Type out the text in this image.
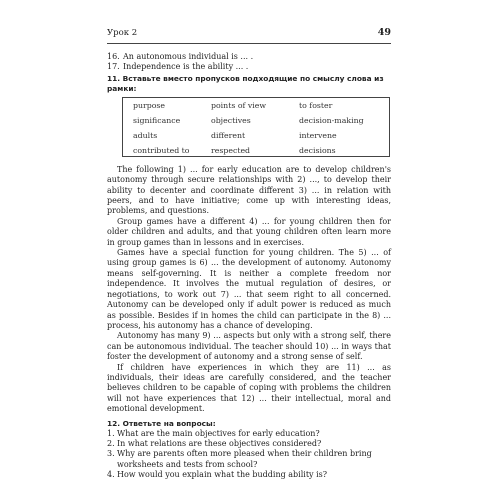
Урок 2	49
16. An autonomous individual is ... .
17. Independence is the ability ... .
11. Вставьте вместо пропусков подходящие по смыслу слова из рамки:
purpose	points of view	to foster
significance	objectives	decision-making
adults	different	intervene
contributed to	respected	decisions

The following 1) ... for early education are to develop children's autonomy through secure relationships with 2) ..., to develop their ability to decenter and coordinate different 3) ... in relation with peers, and to have initiative; come up with interesting ideas, problems, and questions.

Group games have a different 4) ... for young children then for older children and adults, and that young children often learn more in group games than in lessons and in exercises.

Games have a special function for young children. The 5) ... of using group games is 6) ... the development of autonomy. Autonomy means self-governing. It is neither a complete freedom nor independence. It involves the mutual regulation of desires, or negotiations, to work out 7) ... that seem right to all concerned. Autonomy can be developed only if adult power is reduced as much as possible. Besides if in homes the child can participate in the 8) ... process, his autonomy has a chance of developing.

Autonomy has many 9) ... aspects but only with a strong self, there can be autonomous individual. The teacher should 10) ... in ways that foster the development of autonomy and a strong sense of self.

If children have experiences in which they are 11) ... as individuals, their ideas are carefully considered, and the teacher believes children to be capable of coping with problems the children will not have experiences that 12) ... their intellectual, moral and emotional development.

12. Ответьте на вопросы:
1. What are the main objectives for early education?
2. In what relations are these objectives considered?
3. Why are parents often more pleased when their children bring worksheets and tests from school?
4. How would you explain what the budding ability is?
